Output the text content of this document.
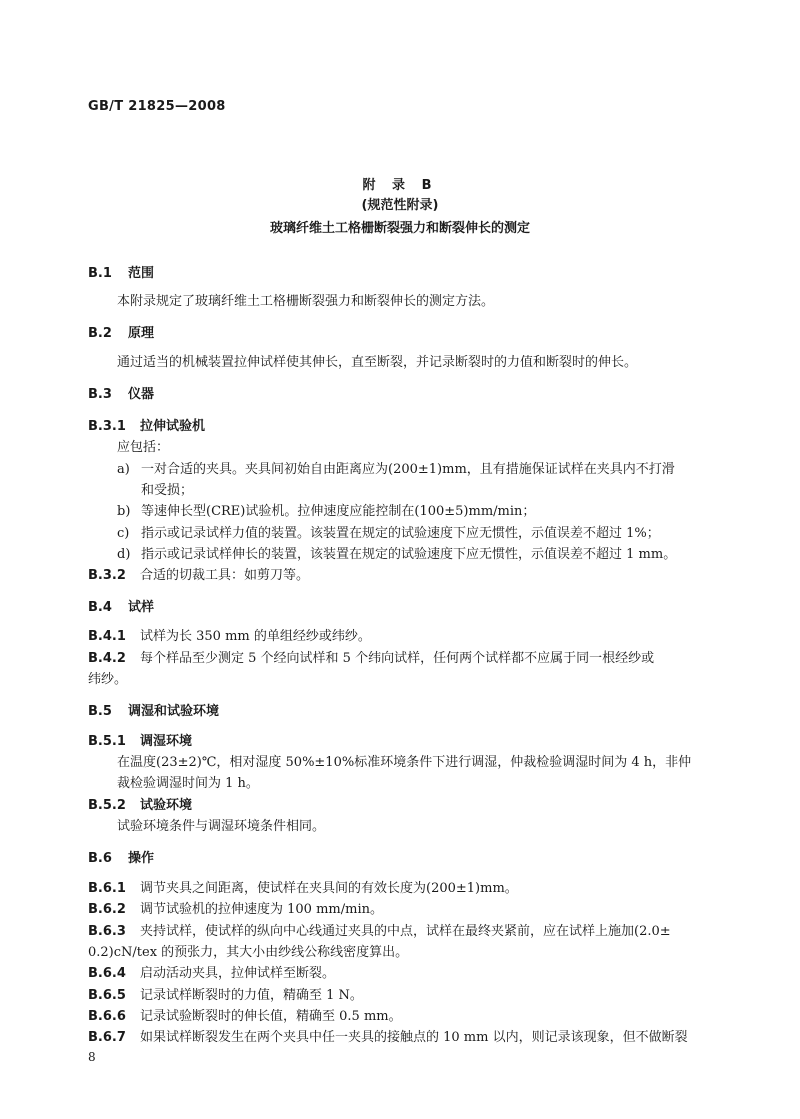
GB/T 21825—2008
附 录 B
(规范性附录)
玻璃纤维土工格栅断裂强力和断裂伸长的测定
B.1 范围
本附录规定了玻璃纤维土工格栅断裂强力和断裂伸长的测定方法。
B.2 原理
通过适当的机械装置拉伸试样使其伸长，直至断裂，并记录断裂时的力值和断裂时的伸长。
B.3 仪器
B.3.1 拉伸试验机
应包括：
a) 一对合适的夹具。夹具间初始自由距离应为(200±1)mm，且有措施保证试样在夹具内不打滑
和受损；
b) 等速伸长型(CRE)试验机。拉伸速度应能控制在(100±5)mm/min；
c) 指示或记录试样力值的装置。该装置在规定的试验速度下应无惯性，示值误差不超过 1%；
d) 指示或记录试样伸长的装置，该装置在规定的试验速度下应无惯性，示值误差不超过 1 mm。
B.3.2 合适的切裁工具：如剪刀等。
B.4 试样
B.4.1 试样为长 350 mm 的单组经纱或纬纱。
B.4.2 每个样品至少测定 5 个经向试样和 5 个纬向试样，任何两个试样都不应属于同一根经纱或
纬纱。
B.5 调湿和试验环境
B.5.1 调湿环境
在温度(23±2)℃，相对湿度 50%±10%标准环境条件下进行调湿，仲裁检验调湿时间为 4 h，非仲
裁检验调湿时间为 1 h。
B.5.2 试验环境
试验环境条件与调湿环境条件相同。
B.6 操作
B.6.1 调节夹具之间距离，使试样在夹具间的有效长度为(200±1)mm。
B.6.2 调节试验机的拉伸速度为 100 mm/min。
B.6.3 夹持试样，使试样的纵向中心线通过夹具的中点，试样在最终夹紧前，应在试样上施加(2.0±
0.2)cN/tex 的预张力，其大小由纱线公称线密度算出。
B.6.4 启动活动夹具，拉伸试样至断裂。
B.6.5 记录试样断裂时的力值，精确至 1 N。
B.6.6 记录试验断裂时的伸长值，精确至 0.5 mm。
B.6.7 如果试样断裂发生在两个夹具中任一夹具的接触点的 10 mm 以内，则记录该现象，但不做断裂
8
